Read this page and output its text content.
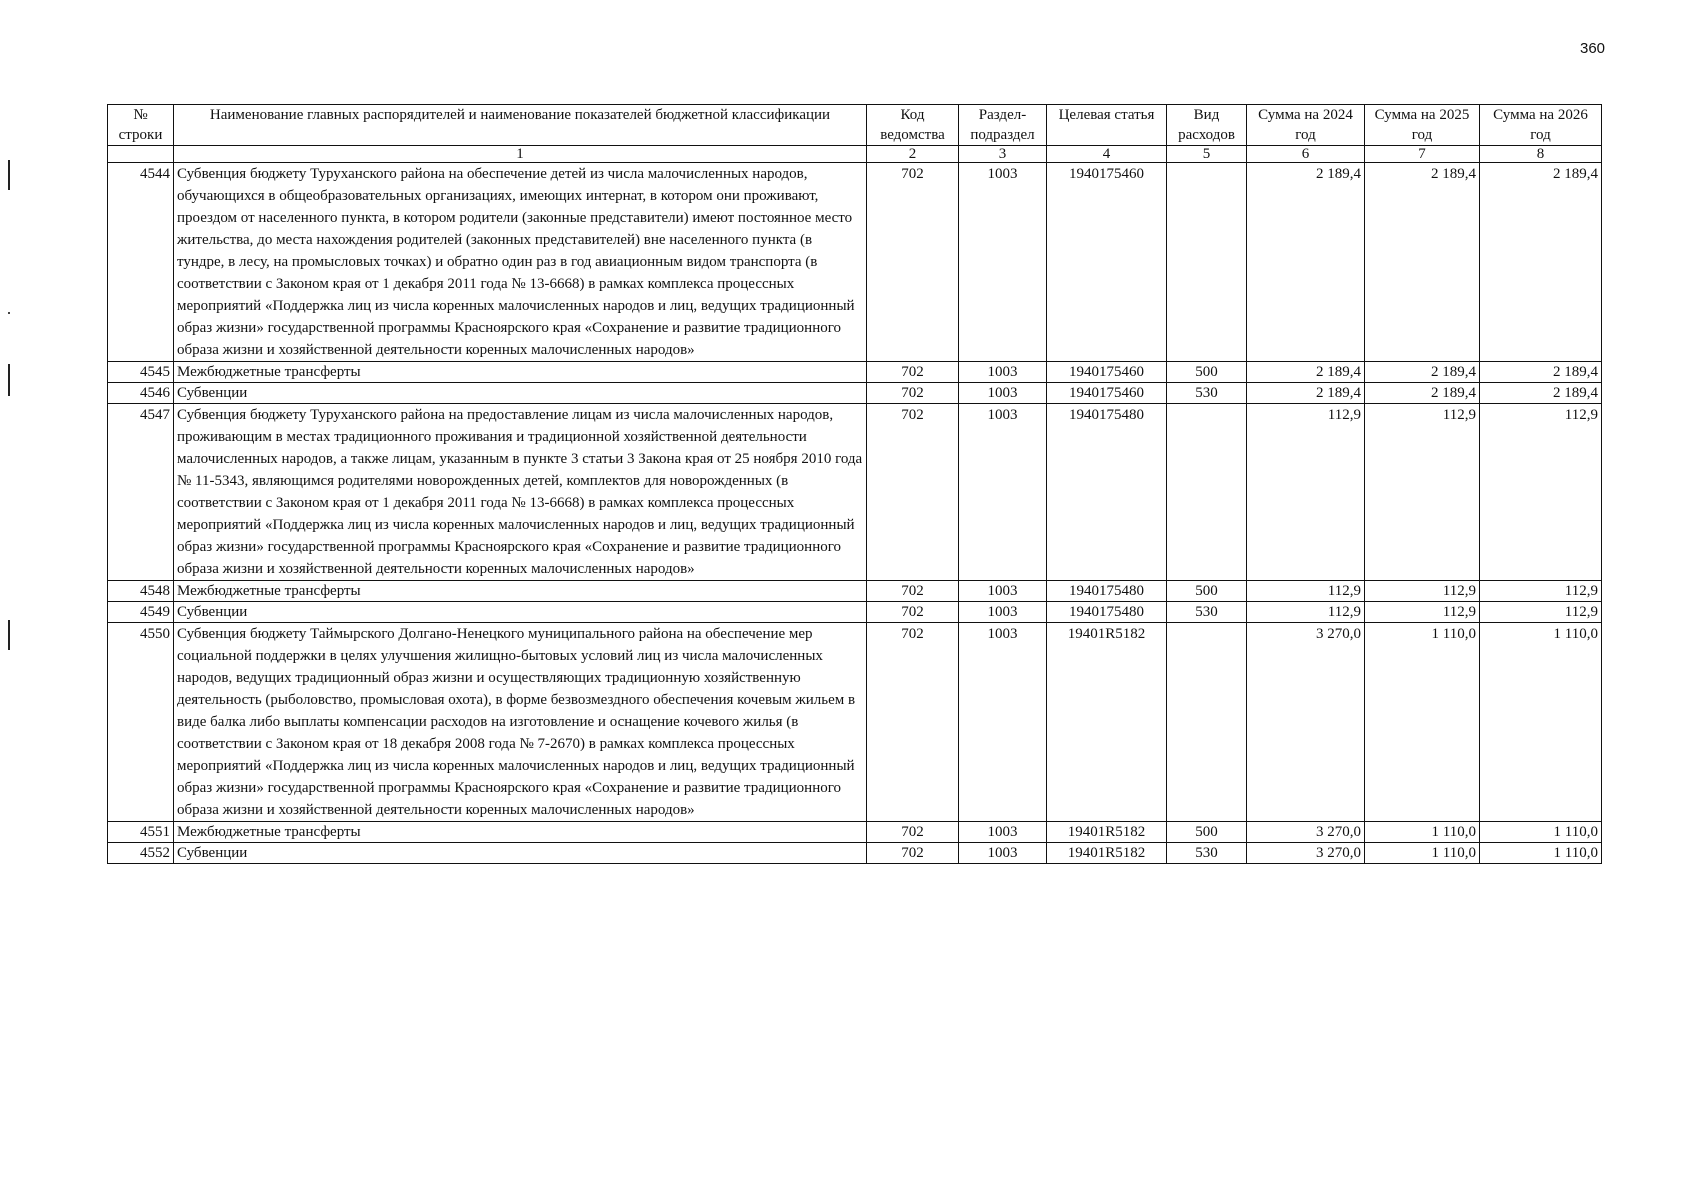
360
№ строки	Наименование главных распорядителей и наименование показателей бюджетной классификации	Код ведомства	Раздел-подраздел	Целевая статья	Вид расходов	Сумма на 2024 год	Сумма на 2025 год	Сумма на 2026 год
	1	2	3	4	5	6	7	8
4544	Субвенция бюджету Туруханского района на обеспечение детей из числа малочисленных народов, обучающихся в общеобразовательных организациях, имеющих интернат, в котором они проживают, проездом от населенного пункта, в котором родители (законные представители) имеют постоянное место жительства, до места нахождения родителей (законных представителей) вне населенного пункта (в тундре, в лесу, на промысловых точках) и обратно один раз в год авиационным видом транспорта (в соответствии с Законом края от 1 декабря 2011 года № 13-6668) в рамках комплекса процессных мероприятий «Поддержка лиц из числа коренных малочисленных народов и лиц, ведущих традиционный образ жизни» государственной программы Красноярского края «Сохранение и развитие традиционного образа жизни и хозяйственной деятельности коренных малочисленных народов»	702	1003	1940175460		2 189,4	2 189,4	2 189,4
4545	Межбюджетные трансферты	702	1003	1940175460	500	2 189,4	2 189,4	2 189,4
4546	Субвенции	702	1003	1940175460	530	2 189,4	2 189,4	2 189,4
4547	Субвенция бюджету Туруханского района на предоставление лицам из числа малочисленных народов, проживающим в местах традиционного проживания и традиционной хозяйственной деятельности малочисленных народов, а также лицам, указанным в пункте 3 статьи 3 Закона края от 25 ноября 2010 года № 11-5343, являющимся родителями новорожденных детей, комплектов для новорожденных (в соответствии с Законом края от 1 декабря 2011 года № 13-6668) в рамках комплекса процессных мероприятий «Поддержка лиц из числа коренных малочисленных народов и лиц, ведущих традиционный образ жизни» государственной программы Красноярского края «Сохранение и развитие традиционного образа жизни и хозяйственной деятельности коренных малочисленных народов»	702	1003	1940175480		112,9	112,9	112,9
4548	Межбюджетные трансферты	702	1003	1940175480	500	112,9	112,9	112,9
4549	Субвенции	702	1003	1940175480	530	112,9	112,9	112,9
4550	Субвенция бюджету Таймырского Долгано-Ненецкого муниципального района на обеспечение мер социальной поддержки в целях улучшения жилищно-бытовых условий лиц из числа малочисленных народов, ведущих традиционный образ жизни и осуществляющих традиционную хозяйственную деятельность (рыболовство, промысловая охота), в форме безвозмездного обеспечения кочевым жильем в виде балка либо выплаты компенсации расходов на изготовление и оснащение кочевого жилья (в соответствии с Законом края от 18 декабря 2008 года № 7-2670) в рамках комплекса процессных мероприятий «Поддержка лиц из числа коренных малочисленных народов и лиц, ведущих традиционный образ жизни» государственной программы Красноярского края «Сохранение и развитие традиционного образа жизни и хозяйственной деятельности коренных малочисленных народов»	702	1003	19401R5182		3 270,0	1 110,0	1 110,0
4551	Межбюджетные трансферты	702	1003	19401R5182	500	3 270,0	1 110,0	1 110,0
4552	Субвенции	702	1003	19401R5182	530	3 270,0	1 110,0	1 110,0
